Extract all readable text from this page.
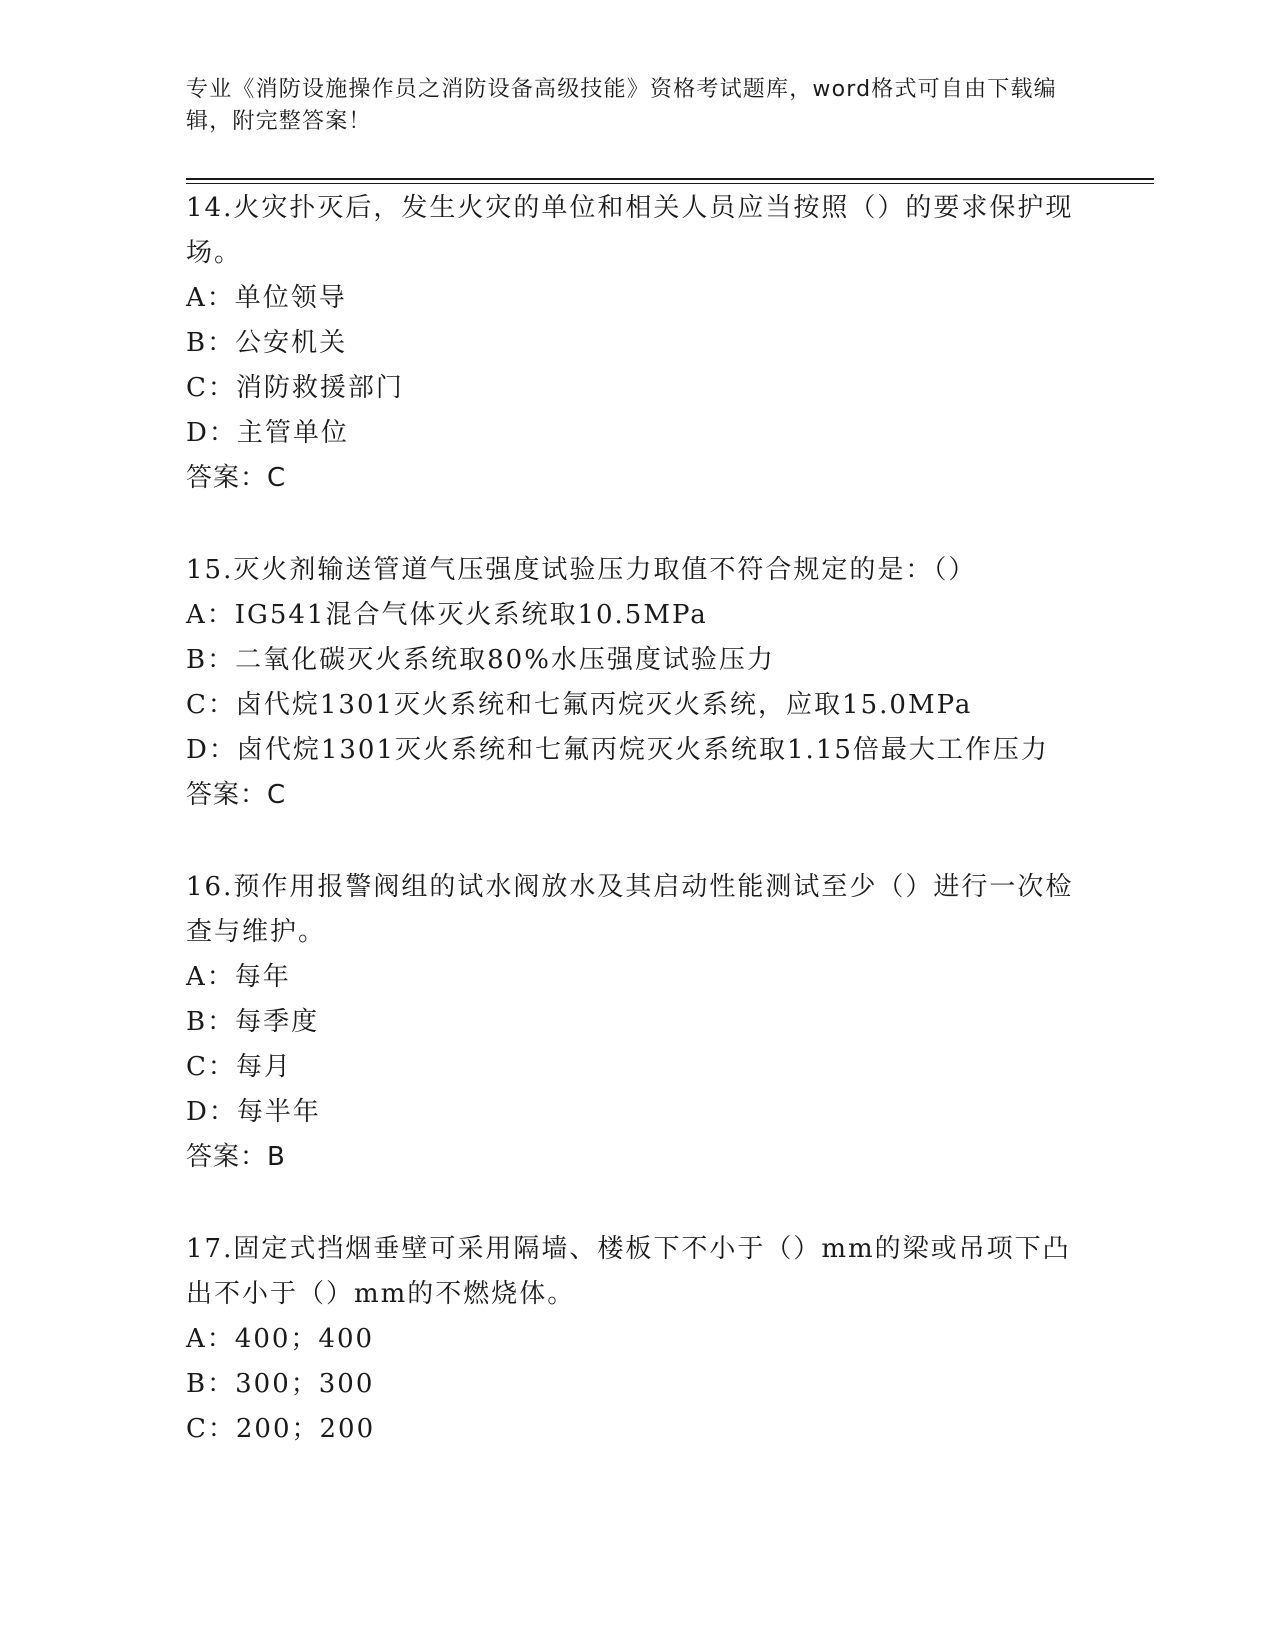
专业《消防设施操作员之消防设备高级技能》资格考试题库，word格式可自由下载编辑，附完整答案！

14.火灾扑灭后，发生火灾的单位和相关人员应当按照（）的要求保护现场。

A：单位领导

B：公安机关

C：消防救援部门

D：主管单位

答案：C

15.灭火剂输送管道气压强度试验压力取值不符合规定的是：（）

A：IG541混合气体灭火系统取10.5MPa

B：二氧化碳灭火系统取80%水压强度试验压力

C：卤代烷1301灭火系统和七氟丙烷灭火系统，应取15.0MPa

D：卤代烷1301灭火系统和七氟丙烷灭火系统取1.15倍最大工作压力

答案：C

16.预作用报警阀组的试水阀放水及其启动性能测试至少（）进行一次检查与维护。

A：每年

B：每季度

C：每月

D：每半年

答案：B

17.固定式挡烟垂壁可采用隔墙、楼板下不小于（）mm的梁或吊项下凸出不小于（）mm的不燃烧体。

A：400；400

B：300；300

C：200；200
